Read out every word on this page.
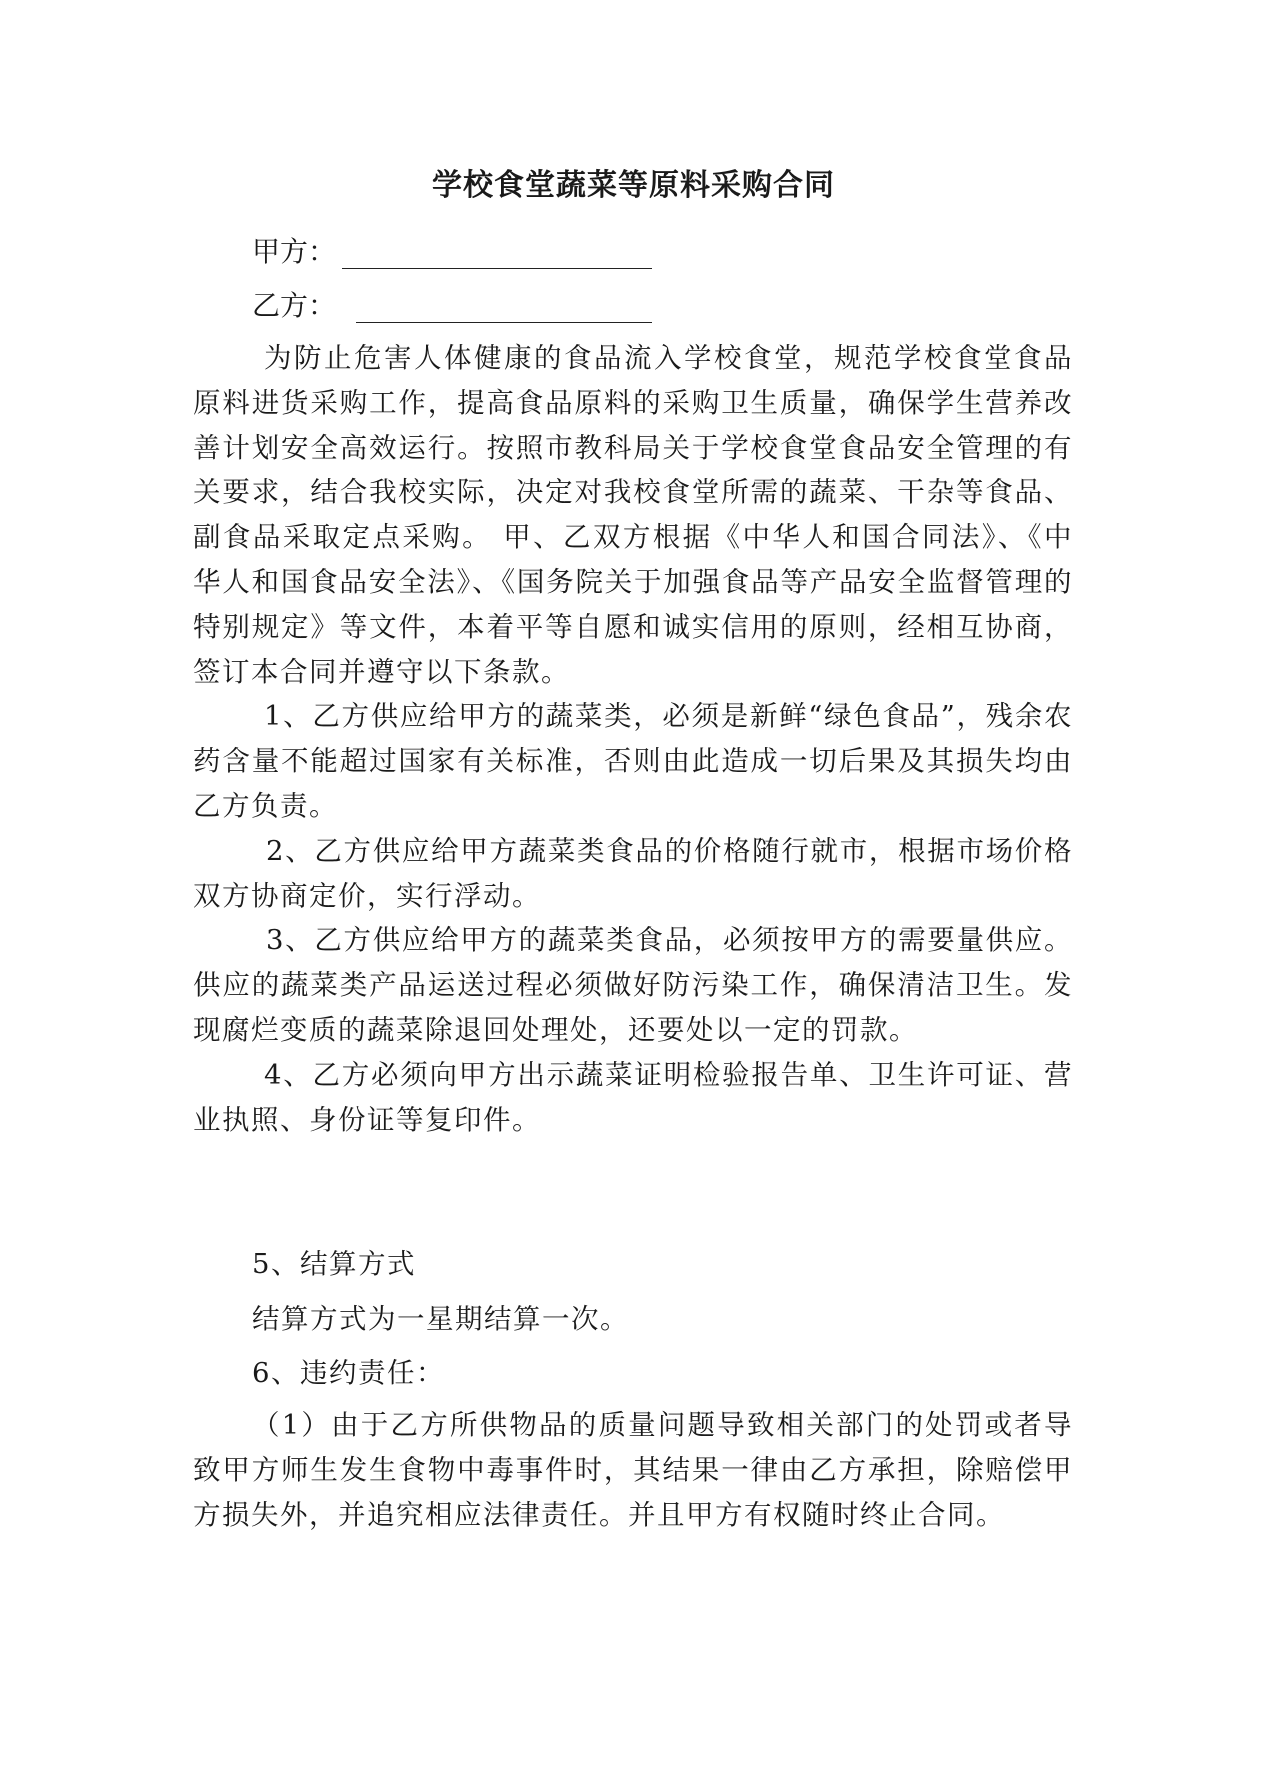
学校食堂蔬菜等原料采购合同
甲方：
乙方：

为防止危害人体健康的食品流入学校食堂，规范学校食堂食品原料进货采购工作，提高食品原料的采购卫生质量，确保学生营养改善计划安全高效运行。按照市教科局关于学校食堂食品安全管理的有关要求，结合我校实际，决定对我校食堂所需的蔬菜、干杂等食品、副食品采取定点采购。 甲、乙双方根据《中华人和国合同法》、《中华人和国食品安全法》、《国务院关于加强食品等产品安全监督管理的特别规定》等文件，本着平等自愿和诚实信用的原则，经相互协商，签订本合同并遵守以下条款。

1、乙方供应给甲方的蔬菜类，必须是新鲜“绿色食品”，残余农药含量不能超过国家有关标准，否则由此造成一切后果及其损失均由乙方负责。

2、乙方供应给甲方蔬菜类食品的价格随行就市，根据市场价格双方协商定价，实行浮动。

3、乙方供应给甲方的蔬菜类食品，必须按甲方的需要量供应。供应的蔬菜类产品运送过程必须做好防污染工作，确保清洁卫生。发现腐烂变质的蔬菜除退回处理处，还要处以一定的罚款。

4、乙方必须向甲方出示蔬菜证明检验报告单、卫生许可证、营业执照、身份证等复印件。

5、结算方式
结算方式为一星期结算一次。
6、违约责任：

（1）由于乙方所供物品的质量问题导致相关部门的处罚或者导致甲方师生发生食物中毒事件时，其结果一律由乙方承担，除赔偿甲方损失外，并追究相应法律责任。并且甲方有权随时终止合同。
